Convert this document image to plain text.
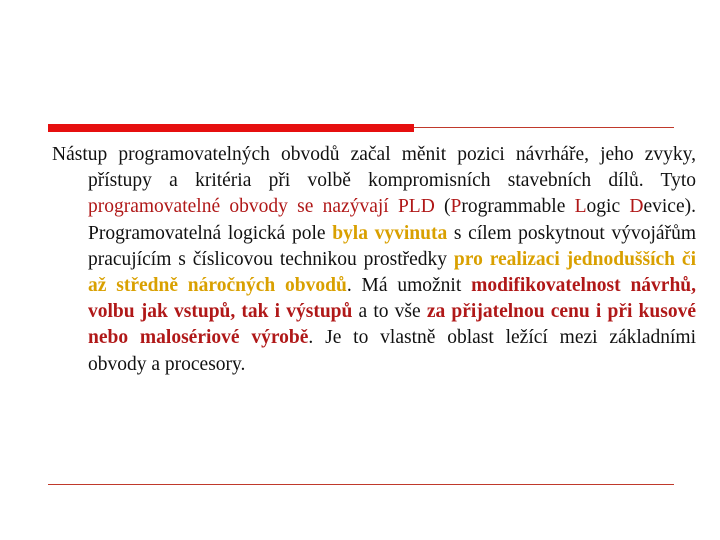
Nástup programovatelných obvodů začal měnit pozici návrháře, jeho zvyky, přístupy a kritéria při volbě kompromisních stavebních dílů. Tyto programovatelné obvody se nazývají PLD (Programmable Logic Device). Programovatelná logická pole byla vyvinuta s cílem poskytnout vývojářům pracujícím s číslicovou technikou prostředky pro realizaci jednodušších či až středně náročných obvodů. Má umožnit modifikovatelnost návrhů, volbu jak vstupů, tak i výstupů a to vše za přijatelnou cenu i při kusové nebo malosériové výrobě. Je to vlastně oblast ležící mezi základními obvody a procesory.
